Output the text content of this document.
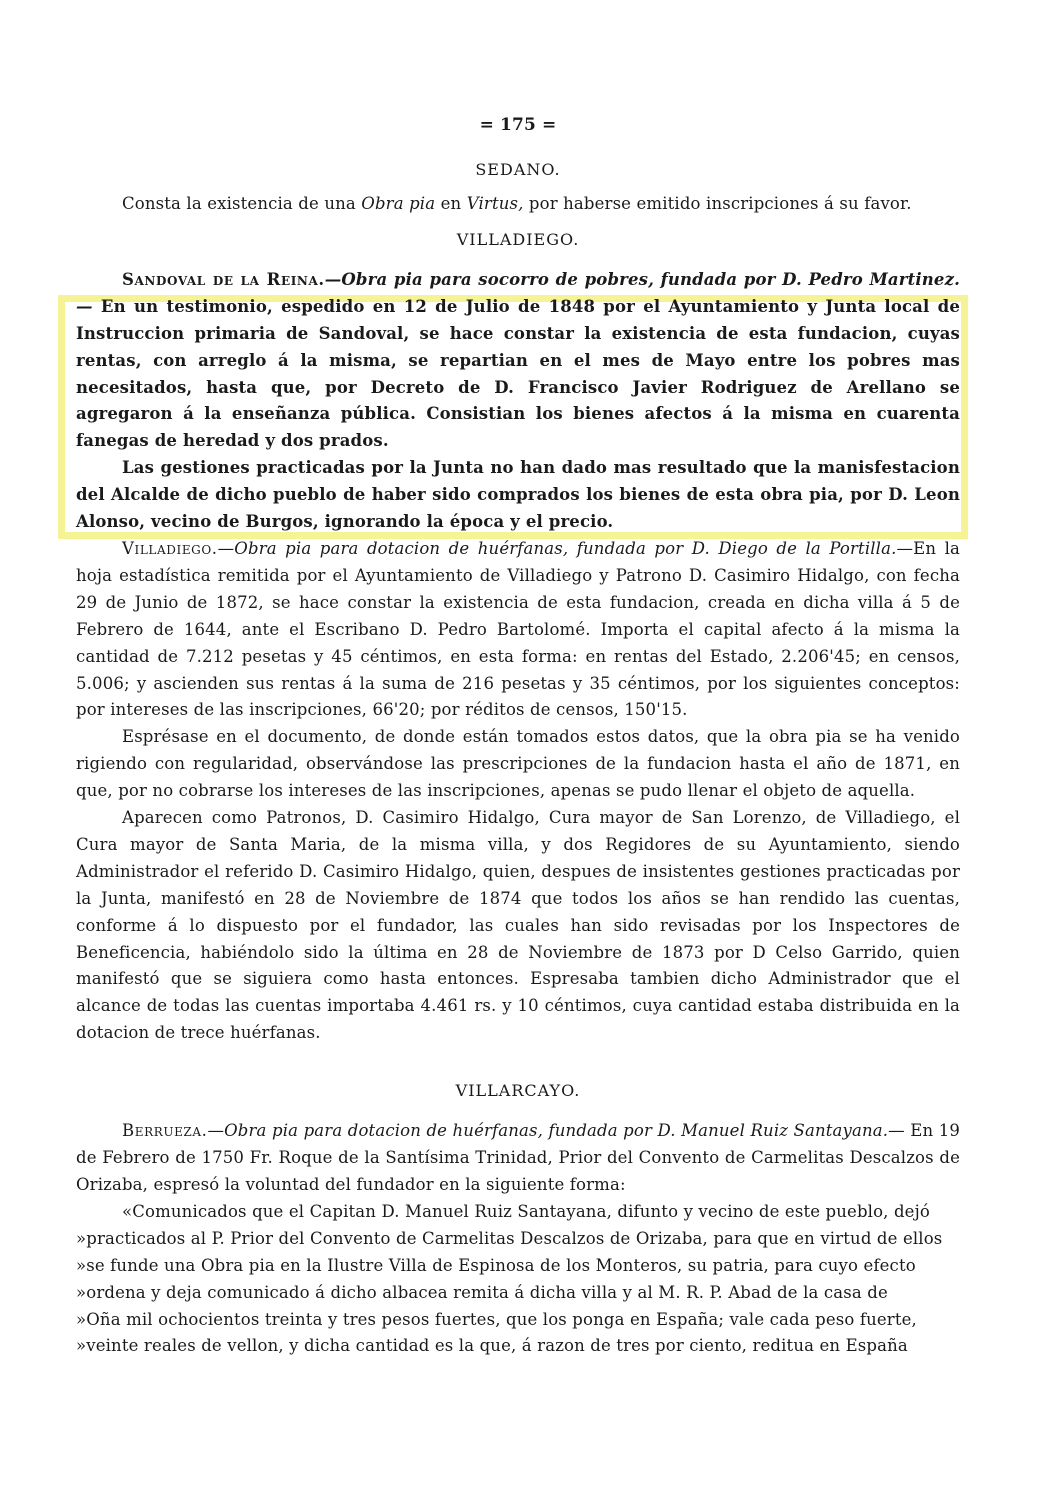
= 175 =
SEDANO.

Consta la existencia de una Obra pia en Virtus, por haberse emitido inscripciones á su favor.

VILLADIEGO.

Sandoval de la Reina.—Obra pia para socorro de pobres, fundada por D. Pedro Martinez.— En un testimonio, espedido en 12 de Julio de 1848 por el Ayuntamiento y Junta local de Instruccion primaria de Sandoval, se hace constar la existencia de esta fundacion, cuyas rentas, con arreglo á la misma, se repartian en el mes de Mayo entre los pobres mas necesitados, hasta que, por Decreto de D. Francisco Javier Rodriguez de Arellano se agregaron á la enseñanza pública. Consistian los bienes afectos á la misma en cuarenta fanegas de heredad y dos prados.

Las gestiones practicadas por la Junta no han dado mas resultado que la manisfestacion del Alcalde de dicho pueblo de haber sido comprados los bienes de esta obra pia, por D. Leon Alonso, vecino de Burgos, ignorando la época y el precio.

Villadiego.—Obra pia para dotacion de huérfanas, fundada por D. Diego de la Portilla.—En la hoja estadística remitida por el Ayuntamiento de Villadiego y Patrono D. Casimiro Hidalgo, con fecha 29 de Junio de 1872, se hace constar la existencia de esta fundacion, creada en dicha villa á 5 de Febrero de 1644, ante el Escribano D. Pedro Bartolomé. Importa el capital afecto á la misma la cantidad de 7.212 pesetas y 45 céntimos, en esta forma: en rentas del Estado, 2.206'45; en censos, 5.006; y ascienden sus rentas á la suma de 216 pesetas y 35 céntimos, por los siguientes conceptos: por intereses de las inscripciones, 66'20; por réditos de censos, 150'15.

Esprésase en el documento, de donde están tomados estos datos, que la obra pia se ha venido rigiendo con regularidad, observándose las prescripciones de la fundacion hasta el año de 1871, en que, por no cobrarse los intereses de las inscripciones, apenas se pudo llenar el objeto de aquella.

Aparecen como Patronos, D. Casimiro Hidalgo, Cura mayor de San Lorenzo, de Villadiego, el Cura mayor de Santa Maria, de la misma villa, y dos Regidores de su Ayuntamiento, siendo Administrador el referido D. Casimiro Hidalgo, quien, despues de insistentes gestiones practicadas por la Junta, manifestó en 28 de Noviembre de 1874 que todos los años se han rendido las cuentas, conforme á lo dispuesto por el fundador, las cuales han sido revisadas por los Inspectores de Beneficencia, habiéndolo sido la última en 28 de Noviembre de 1873 por D Celso Garrido, quien manifestó que se siguiera como hasta entonces. Espresaba tambien dicho Administrador que el alcance de todas las cuentas importaba 4.461 rs. y 10 céntimos, cuya cantidad estaba distribuida en la dotacion de trece huérfanas.

VILLARCAYO.

Berrueza.—Obra pia para dotacion de huérfanas, fundada por D. Manuel Ruiz Santayana.— En 19 de Febrero de 1750 Fr. Roque de la Santísima Trinidad, Prior del Convento de Carmelitas Descalzos de Orizaba, espresó la voluntad del fundador en la siguiente forma:

«Comunicados que el Capitan D. Manuel Ruiz Santayana, difunto y vecino de este pueblo, dejó
»practicados al P. Prior del Convento de Carmelitas Descalzos de Orizaba, para que en virtud de ellos
»se funde una Obra pia en la Ilustre Villa de Espinosa de los Monteros, su patria, para cuyo efecto
»ordena y deja comunicado á dicho albacea remita á dicha villa y al M. R. P. Abad de la casa de
»Oña mil ochocientos treinta y tres pesos fuertes, que los ponga en España; vale cada peso fuerte,
»veinte reales de vellon, y dicha cantidad es la que, á razon de tres por ciento, reditua en España
